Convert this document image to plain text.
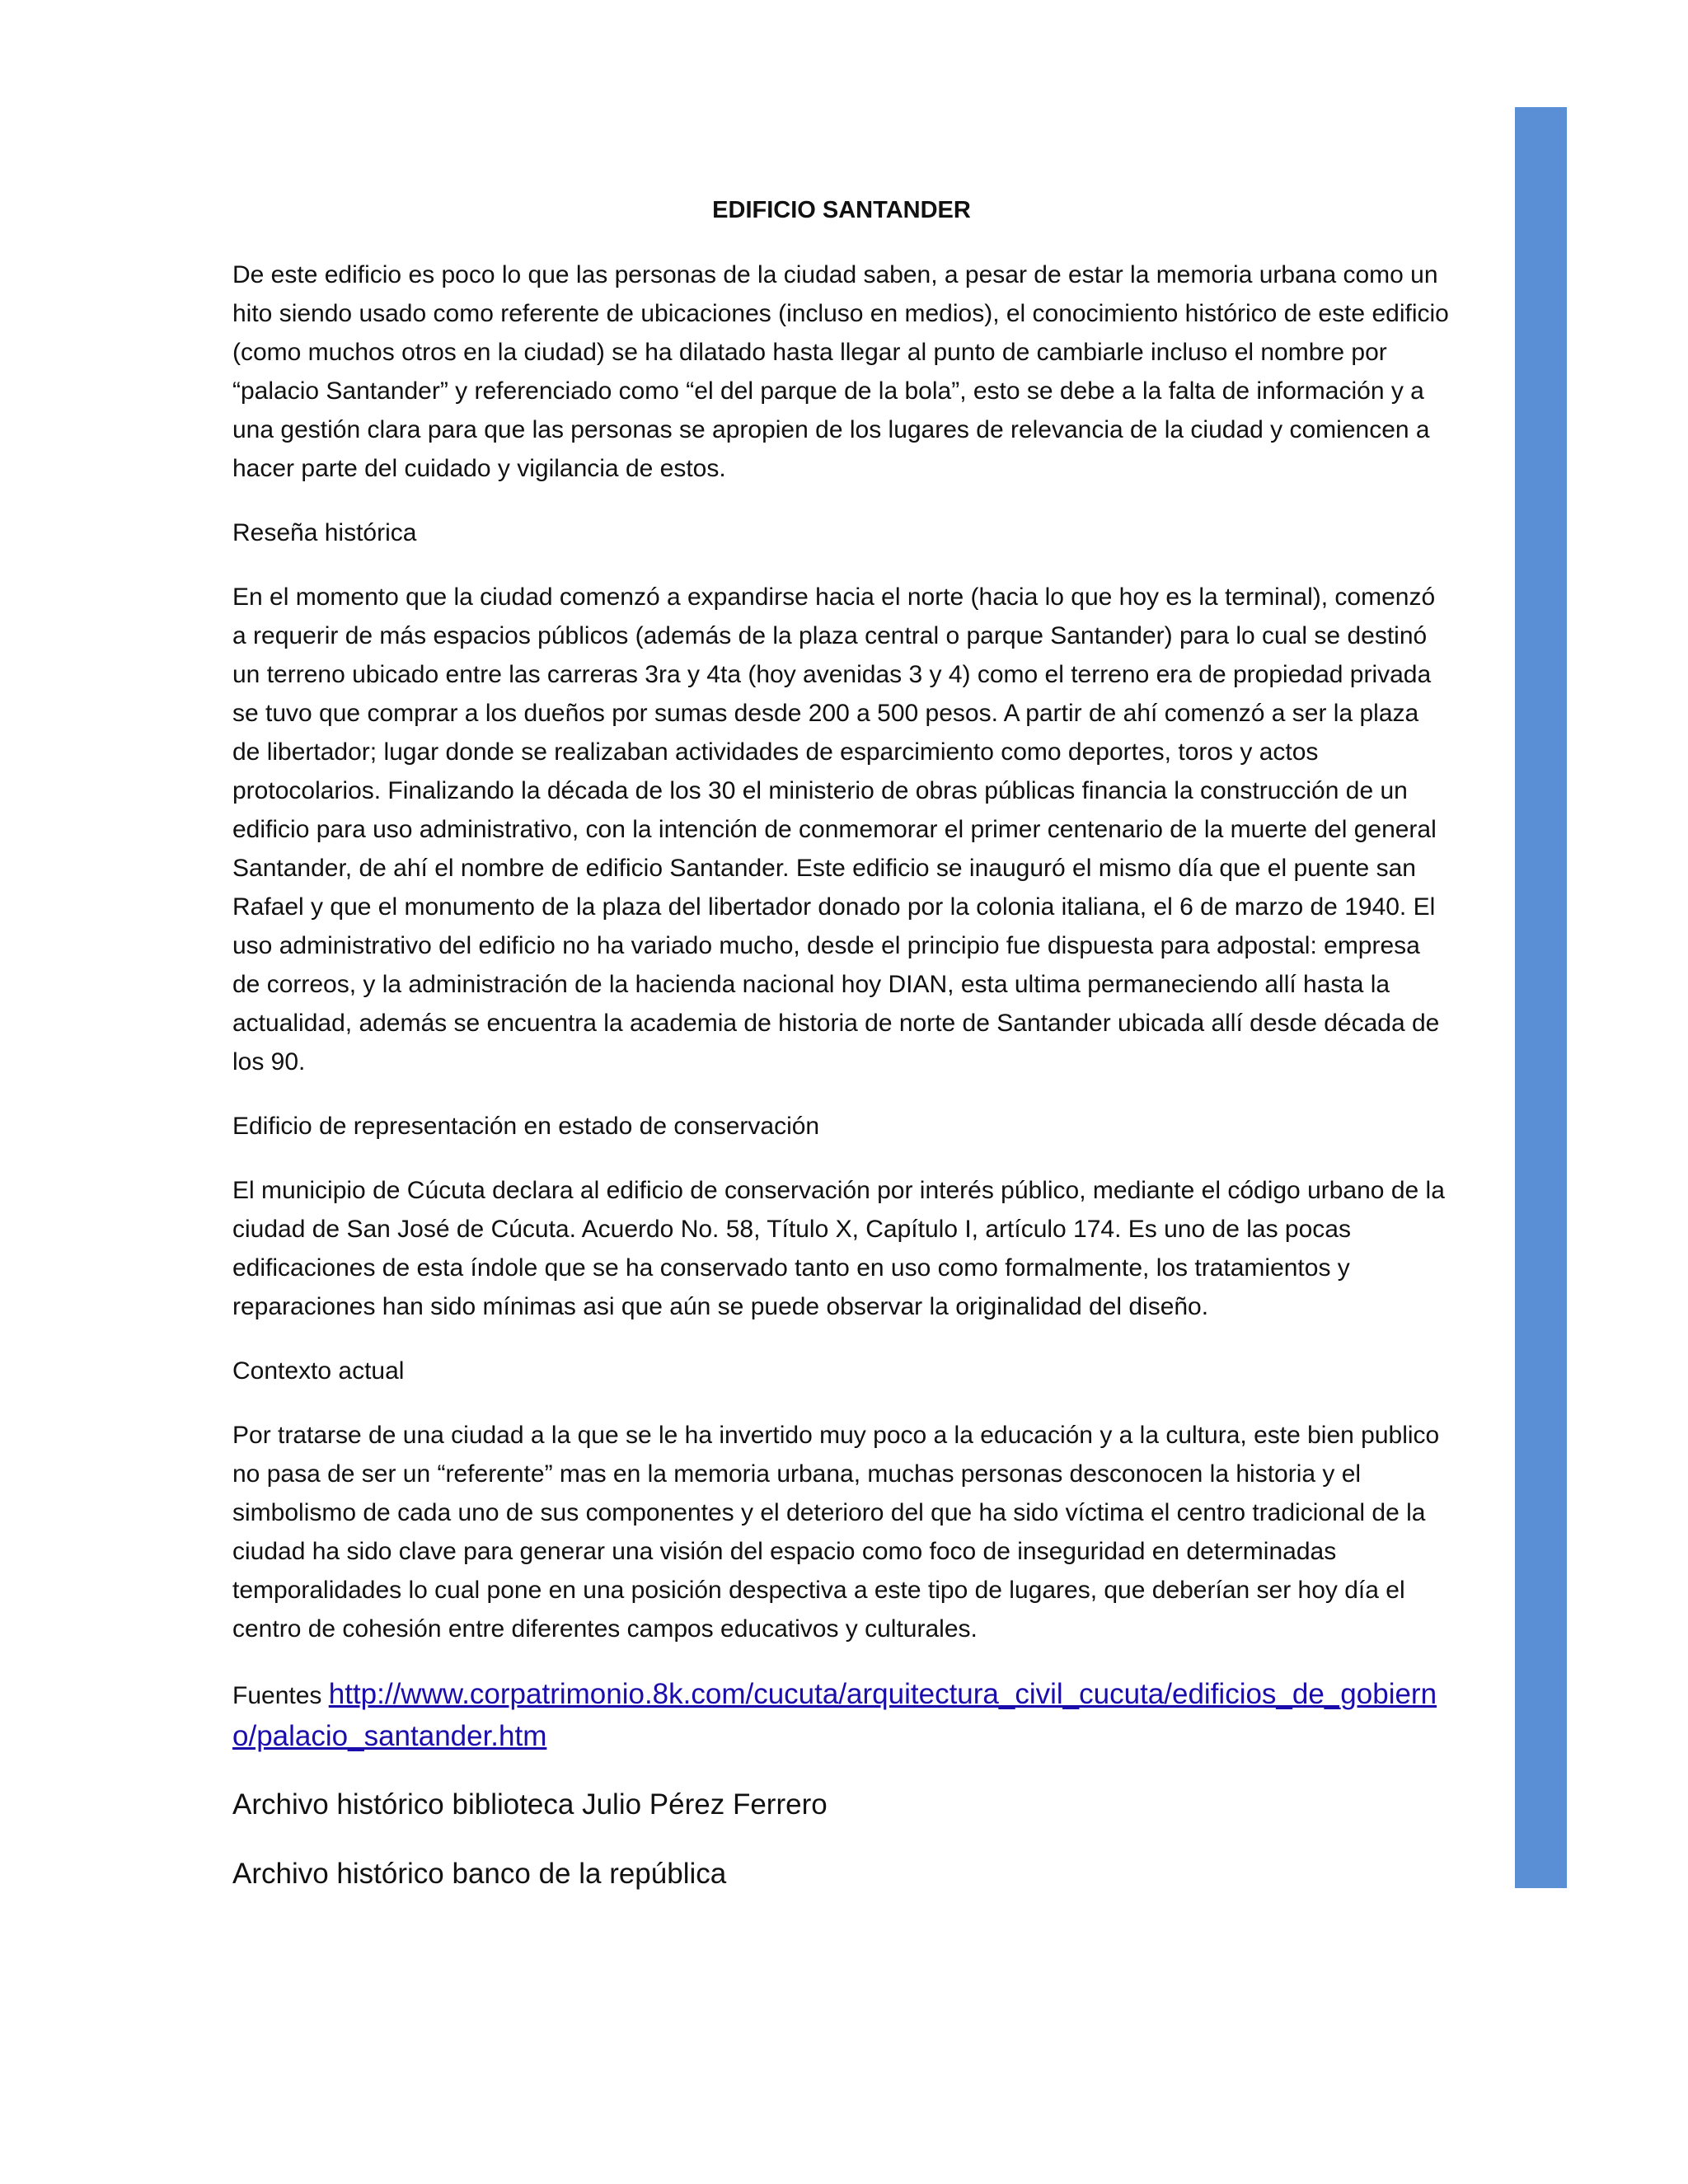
EDIFICIO SANTANDER

De este edificio es poco lo que las personas de la ciudad saben, a pesar de estar la memoria urbana como un hito siendo usado como referente de ubicaciones (incluso en medios), el conocimiento histórico de este edificio (como muchos otros en la ciudad) se ha dilatado hasta llegar al punto de cambiarle incluso el nombre por “palacio Santander” y referenciado como “el del parque de la bola”, esto se debe a la falta de información y a una gestión clara para que las personas se apropien de los lugares de relevancia de la ciudad y comiencen a hacer parte del cuidado y vigilancia de estos.

Reseña histórica

En el momento que la ciudad comenzó a expandirse hacia el norte (hacia lo que hoy es la terminal), comenzó a requerir de más espacios públicos (además de la plaza central o parque Santander) para lo cual se destinó un terreno ubicado entre las carreras 3ra y 4ta (hoy avenidas 3 y 4) como el terreno era de propiedad privada se tuvo que comprar a los dueños por sumas desde 200 a 500 pesos. A partir de ahí comenzó a ser la plaza de libertador; lugar donde se realizaban actividades de esparcimiento como deportes, toros y actos protocolarios. Finalizando la década de los 30 el ministerio de obras públicas financia la construcción de un edificio para uso administrativo, con la intención de conmemorar el primer centenario de la muerte del general Santander, de ahí el nombre de edificio Santander. Este edificio se inauguró el mismo día que el puente san Rafael y que el monumento de la plaza del libertador donado por la colonia italiana, el 6 de marzo de 1940. El uso administrativo del edificio no ha variado mucho, desde el principio fue dispuesta para adpostal: empresa de correos, y la administración de la hacienda nacional hoy DIAN, esta ultima permaneciendo allí hasta la actualidad, además se encuentra la academia de historia de norte de Santander ubicada allí desde década de los 90.

Edificio de representación en estado de conservación

El municipio de Cúcuta declara al edificio de conservación por interés público, mediante el código urbano de la ciudad de San José de Cúcuta. Acuerdo No. 58, Título X, Capítulo I, artículo 174. Es uno de las pocas edificaciones de esta índole que se ha conservado tanto en uso como formalmente, los tratamientos y reparaciones han sido mínimas asi que aún se puede observar la originalidad del diseño.

Contexto actual

Por tratarse de una ciudad a la que se le ha invertido muy poco a la educación y a la cultura, este bien publico no pasa de ser un “referente” mas en la memoria urbana, muchas personas desconocen la historia y el simbolismo de cada uno de sus componentes y el deterioro del que ha sido víctima el centro tradicional de la ciudad ha sido clave para generar una visión del espacio como foco de inseguridad en determinadas temporalidades lo cual pone en una posición despectiva a este tipo de lugares, que deberían ser hoy día el centro de cohesión entre diferentes campos educativos y culturales.

Fuentes http://www.corpatrimonio.8k.com/cucuta/arquitectura_civil_cucuta/edificios_de_gobierno/palacio_santander.htm

Archivo histórico biblioteca Julio Pérez Ferrero

Archivo histórico banco de la república
